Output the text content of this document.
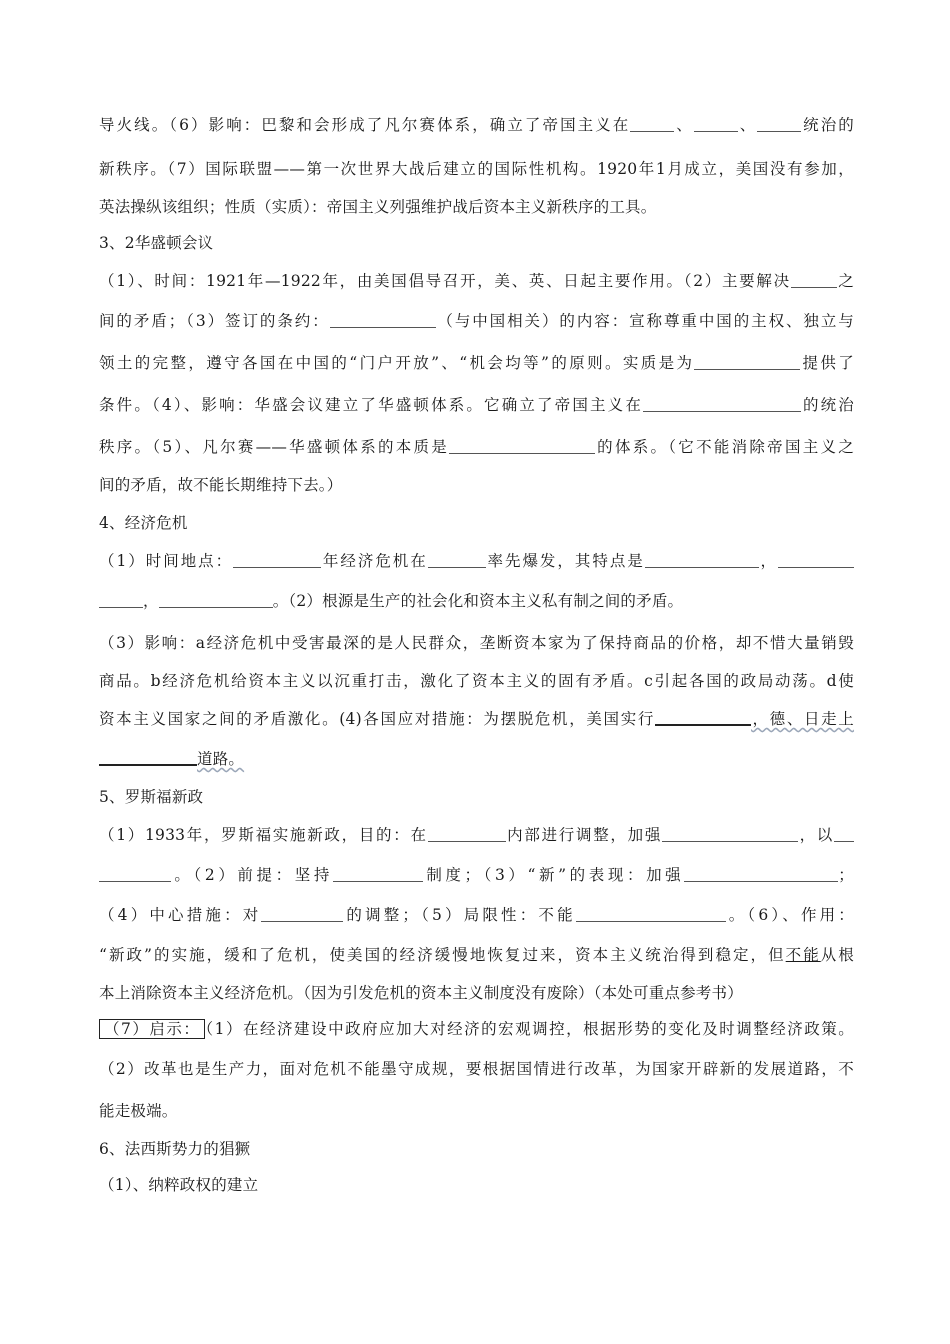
导火线。（6）影响：巴黎和会形成了凡尔赛体系，确立了帝国主义在	、	、	统治的
新秩序。（7）国际联盟——第一次世界大战后建立的国际性机构。1920年1月成立，美国没有参加，
英法操纵该组织；性质（实质）：帝国主义列强维护战后资本主义新秩序的工具。
3、2华盛顿会议
（1）、时间：1921年—1922年，由美国倡导召开，美、英、日起主要作用。（2）主要解决	之
间的矛盾；（3）签订的条约：	（与中国相关）的内容：宣称尊重中国的主权、独立与
领土的完整，遵守各国在中国的“门户开放”、“机会均等”的原则。实质是为	提供了
条件。（4）、影响：华盛会议建立了华盛顿体系。它确立了帝国主义在	的统治
秩序。（5）、凡尔赛——华盛顿体系的本质是	的体系。（它不能消除帝国主义之
间的矛盾，故不能长期维持下去。）
4、经济危机
（1）时间地点：	年经济危机在	率先爆发，其特点是	，
，	。（2）根源是生产的社会化和资本主义私有制之间的矛盾。
（3）影响：a经济危机中受害最深的是人民群众，垄断资本家为了保持商品的价格，却不惜大量销毁
商品。b经济危机给资本主义以沉重打击，激化了资本主义的固有矛盾。c引起各国的政局动荡。d使
资本主义国家之间的矛盾激化。(4)各国应对措施：为摆脱危机，美国实行	，德、日走上
道路。
5、罗斯福新政
（1）1933年，罗斯福实施新政，目的：在	内部进行调整，加强	，以
。（2）前提：坚持	制度；（3）“新”的表现：加强	；
（4）中心措施：对	的调整；（5）局限性：不能	。（6）、作用：
“新政”的实施，缓和了危机，使美国的经济缓慢地恢复过来，资本主义统治得到稳定，但不能从根
本上消除资本主义经济危机。（因为引发危机的资本主义制度没有废除）（本处可重点参考书）
（7）启示： （1）在经济建设中政府应加大对经济的宏观调控，根据形势的变化及时调整经济政策。
（2）改革也是生产力，面对危机不能墨守成规，要根据国情进行改革，为国家开辟新的发展道路，不
能走极端。
6、法西斯势力的猖獗
（1）、纳粹政权的建立
